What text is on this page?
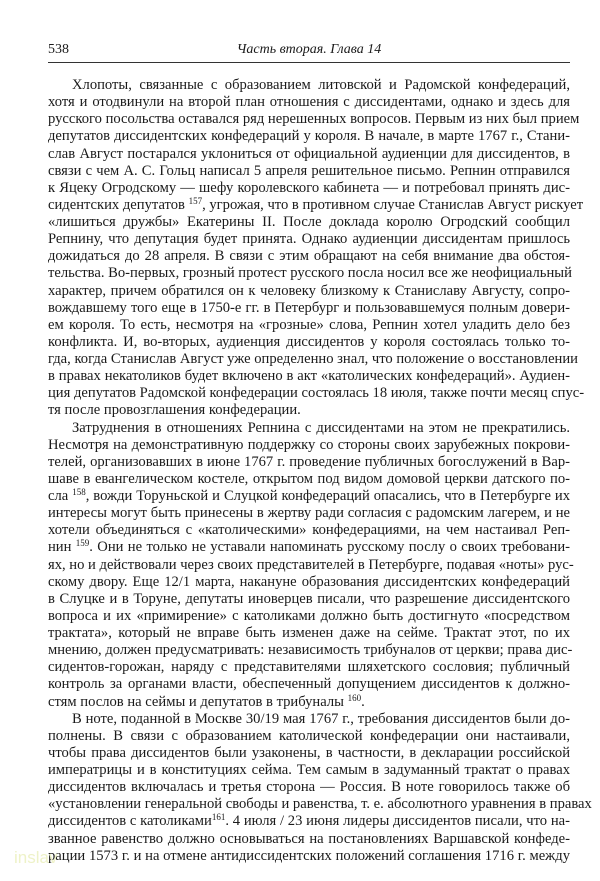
538	Часть вторая. Глава 14
Хлопоты, связанные с образованием литовской и Радомской конфедераций,
хотя и отодвинули на второй план отношения с диссидентами, однако и здесь для
русского посольства оставался ряд нерешенных вопросов. Первым из них был прием
депутатов диссидентских конфедераций у короля. В начале, в марте 1767 г., Стани-
слав Август постарался уклониться от официальной аудиенции для диссидентов, в
связи с чем А. С. Гольц написал 5 апреля решительное письмо. Репнин отправился
к Яцеку Огродскому — шефу королевского кабинета — и потребовал принять дис-
сидентских депутатов $^{157}$, угрожая, что в противном случае Станислав Август рискует
«лишиться дружбы» Екатерины II. После доклада королю Огродский сообщил
Репнину, что депутация будет принята. Однако аудиенции диссидентам пришлось
дожидаться до 28 апреля. В связи с этим обращают на себя внимание два обстоя-
тельства. Во-первых, грозный протест русского посла носил все же неофициальный
характер, причем обратился он к человеку близкому к Станиславу Августу, сопро-
вождавшему того еще в 1750-е гг. в Петербург и пользовавшемуся полным довери-
ем короля. То есть, несмотря на «грозные» слова, Репнин хотел уладить дело без
конфликта. И, во-вторых, аудиенция диссидентов у короля состоялась только то-
гда, когда Станислав Август уже определенно знал, что положение о восстановлении
в правах некатоликов будет включено в акт «католических конфедераций». Аудиен-
ция депутатов Радомской конфедерации состоялась 18 июля, также почти месяц спус-
тя после провозглашения конфедерации.
Затруднения в отношениях Репнина с диссидентами на этом не прекратились.
Несмотря на демонстративную поддержку со стороны своих зарубежных покрови-
телей, организовавших в июне 1767 г. проведение публичных богослужений в Вар-
шаве в евангелическом костеле, открытом под видом домовой церкви датского по-
сла $^{158}$, вожди Торуньской и Слуцкой конфедераций опасались, что в Петербурге их
интересы могут быть принесены в жертву ради согласия с радомским лагерем, и не
хотели объединяться с «католическими» конфедерациями, на чем настаивал Реп-
нин $^{159}$. Они не только не уставали напоминать русскому послу о своих требовани-
ях, но и действовали через своих представителей в Петербурге, подавая «ноты» рус-
скому двору. Еще 12/1 марта, накануне образования диссидентских конфедераций
в Слуцке и в Торуне, депутаты иноверцев писали, что разрешение диссидентского
вопроса и их «примирение» с католиками должно быть достигнуто «посредством
трактата», который не вправе быть изменен даже на сейме. Трактат этот, по их
мнению, должен предусматривать: независимость трибуналов от церкви; права дис-
сидентов-горожан, наряду с представителями шляхетского сословия; публичный
контроль за органами власти, обеспеченный допущением диссидентов к должно-
стям послов на сеймы и депутатов в трибуналы $^{160}$.
В ноте, поданной в Москве 30/19 мая 1767 г., требования диссидентов были до-
полнены. В связи с образованием католической конфедерации они настаивали,
чтобы права диссидентов были узаконены, в частности, в декларации российской
императрицы и в конституциях сейма. Тем самым в задуманный трактат о правах
диссидентов включалась и третья сторона — Россия. В ноте говорилось также об
«установлении генеральной свободы и равенства, т. е. абсолютного уравнения в правах
диссидентов с католиками$^{161}$. 4 июля / 23 июня лидеры диссидентов писали, что на-
званное равенство должно основываться на постановлениях Варшавской конфеде-
рации 1573 г. и на отмене антидиссидентских положений соглашения 1716 г. между
inslav
